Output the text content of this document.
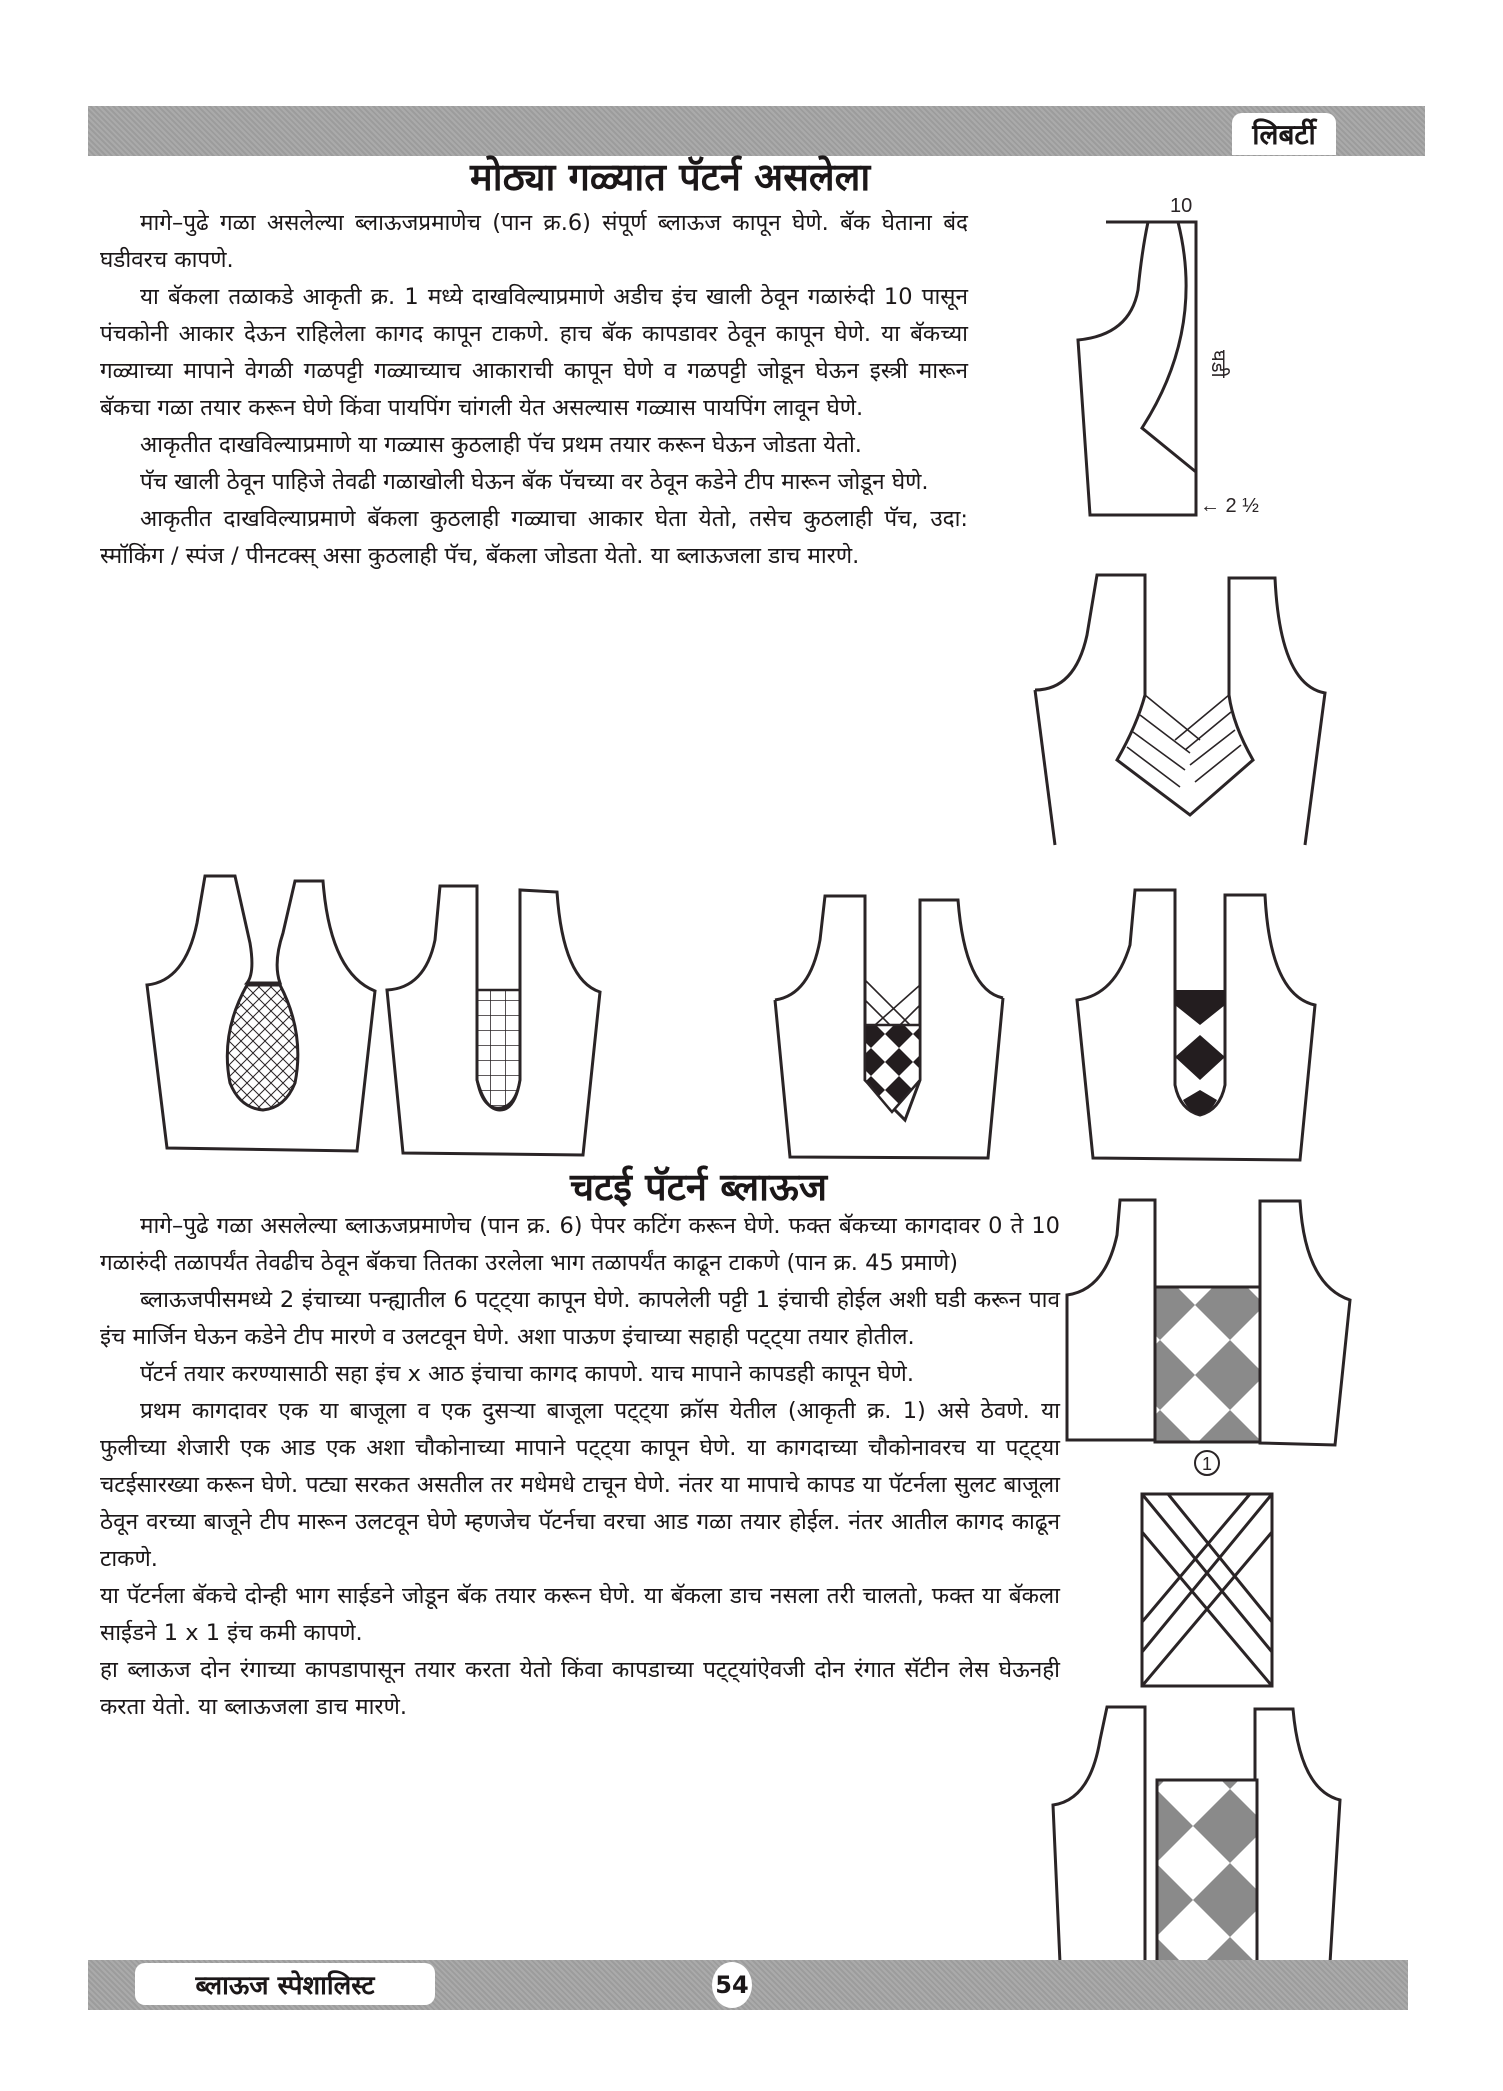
लिबर्टी
मोठ्या गळ्यात पॅटर्न असलेला

मागे–पुढे गळा असलेल्या ब्लाऊजप्रमाणेच (पान क्र.6) संपूर्ण ब्लाऊज कापून घेणे. बॅक घेताना बंद घडीवरच कापणे.

या बॅकला तळाकडे आकृती क्र. 1 मध्ये दाखविल्याप्रमाणे अडीच इंच खाली ठेवून गळारुंदी 10 पासून पंचकोनी आकार देऊन राहिलेला कागद कापून टाकणे. हाच बॅक कापडावर ठेवून कापून घेणे. या बॅकच्या गळ्याच्या मापाने वेगळी गळपट्टी गळ्याच्याच आकाराची कापून घेणे व गळपट्टी जोडून घेऊन इस्त्री मारून बॅकचा गळा तयार करून घेणे किंवा पायपिंग चांगली येत असल्यास गळ्यास पायपिंग लावून घेणे.

आकृतीत दाखविल्याप्रमाणे या गळ्यास कुठलाही पॅच प्रथम तयार करून घेऊन जोडता येतो.

पॅच खाली ठेवून पाहिजे तेवढी गळाखोली घेऊन बॅक पॅचच्या वर ठेवून कडेने टीप मारून जोडून घेणे.

आकृतीत दाखविल्याप्रमाणे बॅकला कुठलाही गळ्याचा आकार घेता येतो, तसेच कुठलाही पॅच, उदा: स्मॉकिंग / स्पंज / पीनटक्स् असा कुठलाही पॅच, बॅकला जोडता येतो. या ब्लाऊजला डाच मारणे.

10
घडी
← 2 ½
चटई पॅटर्न ब्लाऊज

मागे–पुढे गळा असलेल्या ब्लाऊजप्रमाणेच (पान क्र. 6) पेपर कटिंग करून घेणे. फक्त बॅकच्या कागदावर 0 ते 10 गळारुंदी तळापर्यंत तेवढीच ठेवून बॅकचा तितका उरलेला भाग तळापर्यंत काढून टाकणे (पान क्र. 45 प्रमाणे)

ब्लाऊजपीसमध्ये 2 इंचाच्या पन्ह्यातील 6 पट्ट्या कापून घेणे. कापलेली पट्टी 1 इंचाची होईल अशी घडी करून पाव इंच मार्जिन घेऊन कडेने टीप मारणे व उलटवून घेणे. अशा पाऊण इंचाच्या सहाही पट्ट्या तयार होतील.

पॅटर्न तयार करण्यासाठी सहा इंच x आठ इंचाचा कागद कापणे. याच मापाने कापडही कापून घेणे.

प्रथम कागदावर एक या बाजूला व एक दुसऱ्या बाजूला पट्ट्या क्रॉस येतील (आकृती क्र. 1) असे ठेवणे. या फुलीच्या शेजारी एक आड एक अशा चौकोनाच्या मापाने पट्ट्या कापून घेणे. या कागदाच्या चौकोनावरच या पट्ट्या चटईसारख्या करून घेणे. पट्या सरकत असतील तर मधेमधे टाचून घेणे. नंतर या मापाचे कापड या पॅटर्नला सुलट बाजूला ठेवून वरच्या बाजूने टीप मारून उलटवून घेणे म्हणजेच पॅटर्नचा वरचा आड गळा तयार होईल. नंतर आतील कागद काढून टाकणे.

या पॅटर्नला बॅकचे दोन्ही भाग साईडने जोडून बॅक तयार करून घेणे. या बॅकला डाच नसला तरी चालतो, फक्त या बॅकला साईडने 1 x 1 इंच कमी कापणे.

हा ब्लाऊज दोन रंगाच्या कापडापासून तयार करता येतो किंवा कापडाच्या पट्ट्यांऐवजी दोन रंगात सॅटीन लेस घेऊनही करता येतो. या ब्लाऊजला डाच मारणे.

1
ब्लाऊज स्पेशालिस्ट	54
